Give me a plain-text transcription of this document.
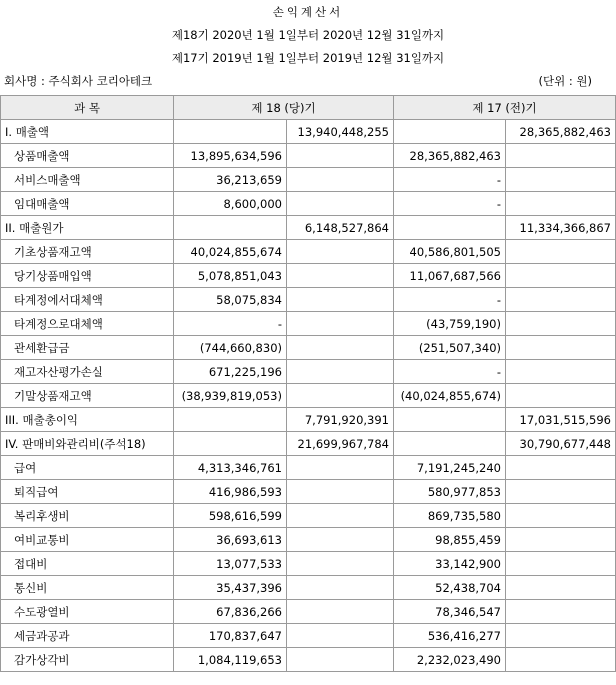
손익계산서
제18기 2020년 1월 1일부터 2020년 12월 31일까지
제17기 2019년 1월 1일부터 2019년 12월 31일까지
회사명 : 주식회사 코리아테크	(단위 : 원)
과 목	제 18 (당)기		제 17 (전)기	
I. 매출액		13,940,448,255		28,365,882,463
상품매출액	13,895,634,596		28,365,882,463	
서비스매출액	36,213,659		-	
임대매출액	8,600,000		-	
II. 매출원가		6,148,527,864		11,334,366,867
기초상품재고액	40,024,855,674		40,586,801,505	
당기상품매입액	5,078,851,043		11,067,687,566	
타계정에서대체액	58,075,834		-	
타계정으로대체액	-		(43,759,190)	
관세환급금	(744,660,830)		(251,507,340)	
재고자산평가손실	671,225,196		-	
기말상품재고액	(38,939,819,053)		(40,024,855,674)	
III. 매출총이익		7,791,920,391		17,031,515,596
IV. 판매비와관리비(주석18)		21,699,967,784		30,790,677,448
급여	4,313,346,761		7,191,245,240	
퇴직급여	416,986,593		580,977,853	
복리후생비	598,616,599		869,735,580	
여비교통비	36,693,613		98,855,459	
접대비	13,077,533		33,142,900	
통신비	35,437,396		52,438,704	
수도광열비	67,836,266		78,346,547	
세금과공과	170,837,647		536,416,277	
감가상각비	1,084,119,653		2,232,023,490	
